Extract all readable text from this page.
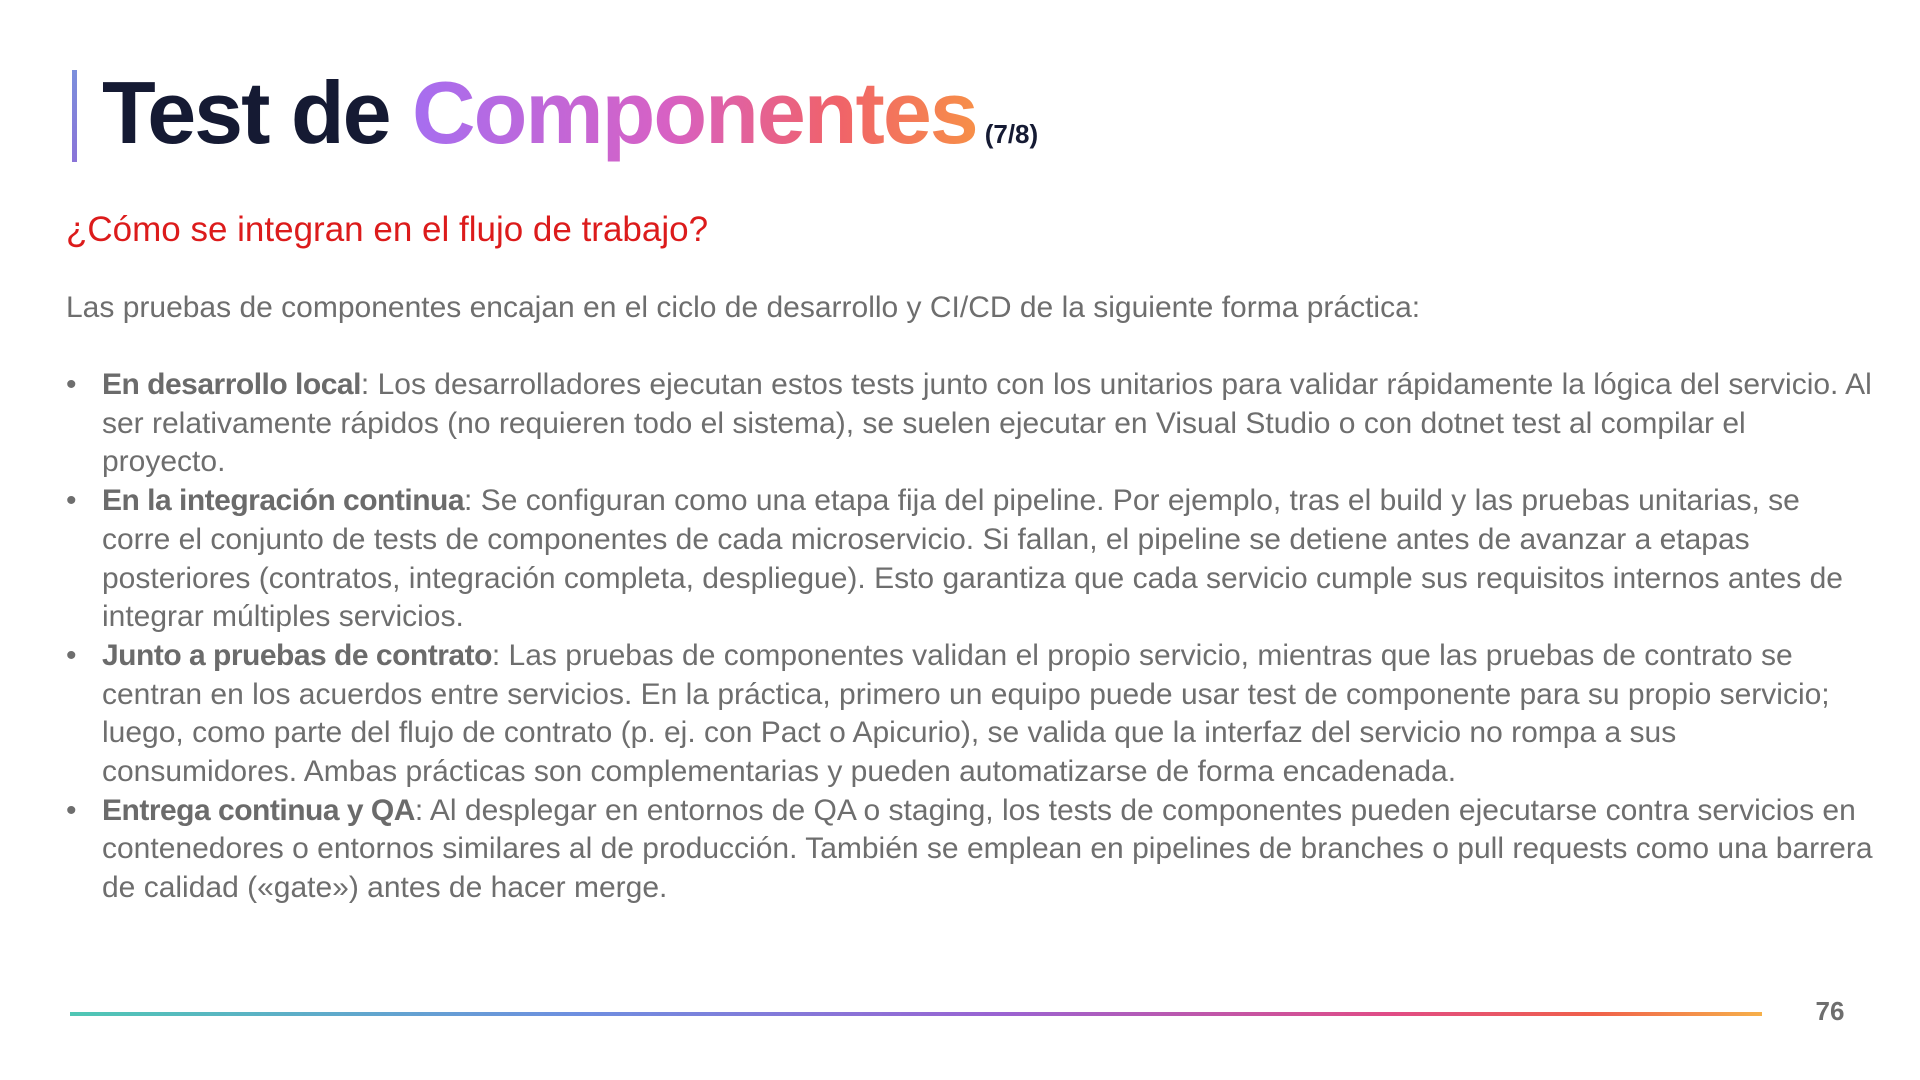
Test de Componentes (7/8)
¿Cómo se integran en el flujo de trabajo?
Las pruebas de componentes encajan en el ciclo de desarrollo y CI/CD de la siguiente forma práctica:
• En desarrollo local: Los desarrolladores ejecutan estos tests junto con los unitarios para validar rápidamente la lógica del servicio. Al ser relativamente rápidos (no requieren todo el sistema), se suelen ejecutar en Visual Studio o con dotnet test al compilar el proyecto.
• En la integración continua: Se configuran como una etapa fija del pipeline. Por ejemplo, tras el build y las pruebas unitarias, se corre el conjunto de tests de componentes de cada microservicio. Si fallan, el pipeline se detiene antes de avanzar a etapas posteriores (contratos, integración completa, despliegue). Esto garantiza que cada servicio cumple sus requisitos internos antes de integrar múltiples servicios.
• Junto a pruebas de contrato: Las pruebas de componentes validan el propio servicio, mientras que las pruebas de contrato se centran en los acuerdos entre servicios. En la práctica, primero un equipo puede usar test de componente para su propio servicio; luego, como parte del flujo de contrato (p. ej. con Pact o Apicurio), se valida que la interfaz del servicio no rompa a sus consumidores. Ambas prácticas son complementarias y pueden automatizarse de forma encadenada.
• Entrega continua y QA: Al desplegar en entornos de QA o staging, los tests de componentes pueden ejecutarse contra servicios en contenedores o entornos similares al de producción. También se emplean en pipelines de branches o pull requests como una barrera de calidad («gate») antes de hacer merge.
76
